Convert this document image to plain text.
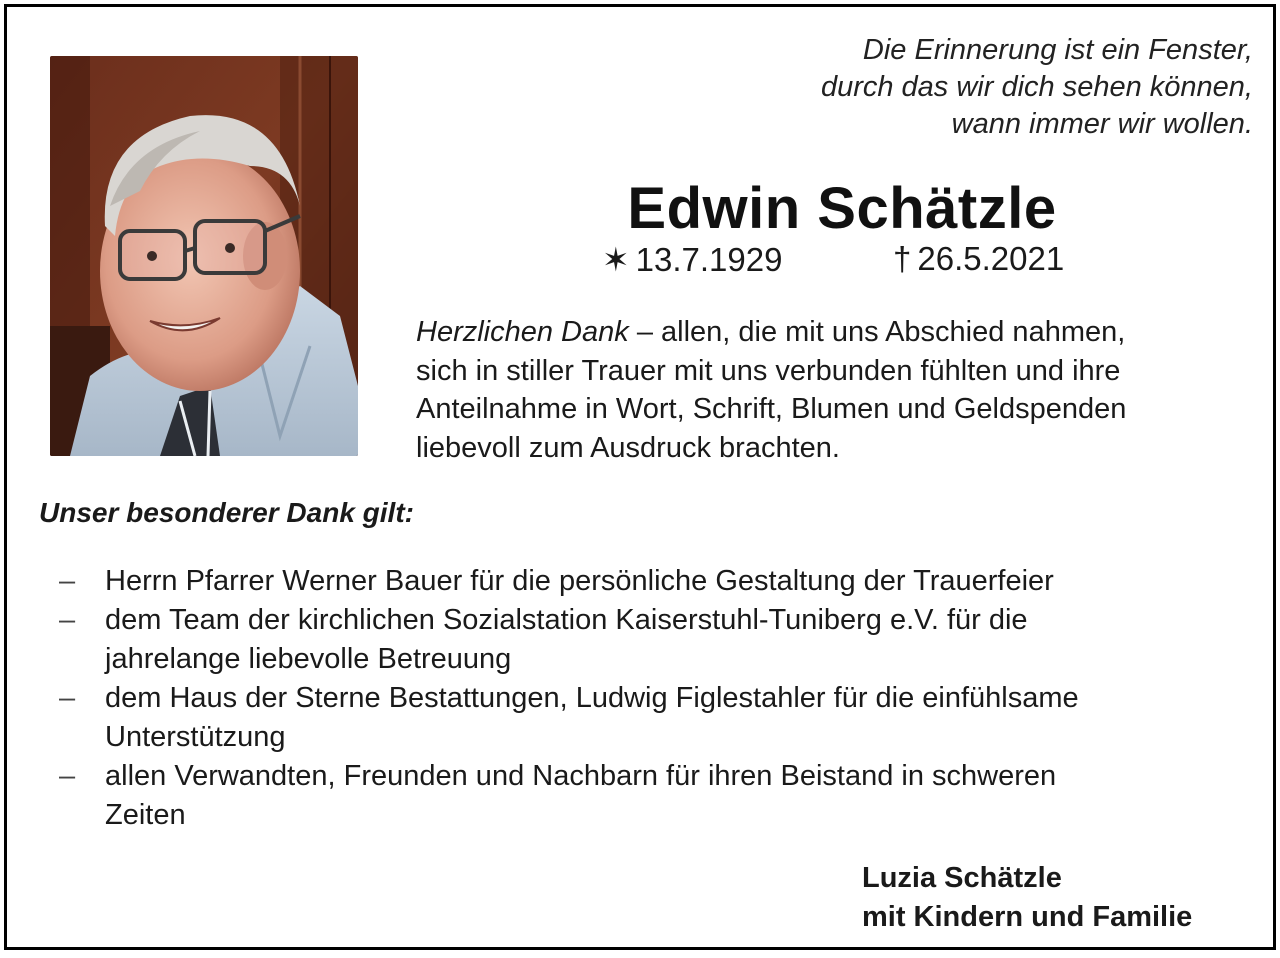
Die Erinnerung ist ein Fenster,
durch das wir dich sehen können,
wann immer wir wollen.
Edwin Schätzle
✶ 13.7.1929	† 26.5.2021
Herzlichen Dank – allen, die mit uns Abschied nahmen,
sich in stiller Trauer mit uns verbunden fühlten und ihre
Anteilnahme in Wort, Schrift, Blumen und Geldspenden
liebevoll zum Ausdruck brachten.
Unser besonderer Dank gilt:
– Herrn Pfarrer Werner Bauer für die persönliche Gestaltung der Trauerfeier
– dem Team der kirchlichen Sozialstation Kaiserstuhl-Tuniberg e.V. für die
jahrelange liebevolle Betreuung
– dem Haus der Sterne Bestattungen, Ludwig Figlestahler für die einfühlsame
Unterstützung
– allen Verwandten, Freunden und Nachbarn für ihren Beistand in schweren
Zeiten
Luzia Schätzle
mit Kindern und Familie
